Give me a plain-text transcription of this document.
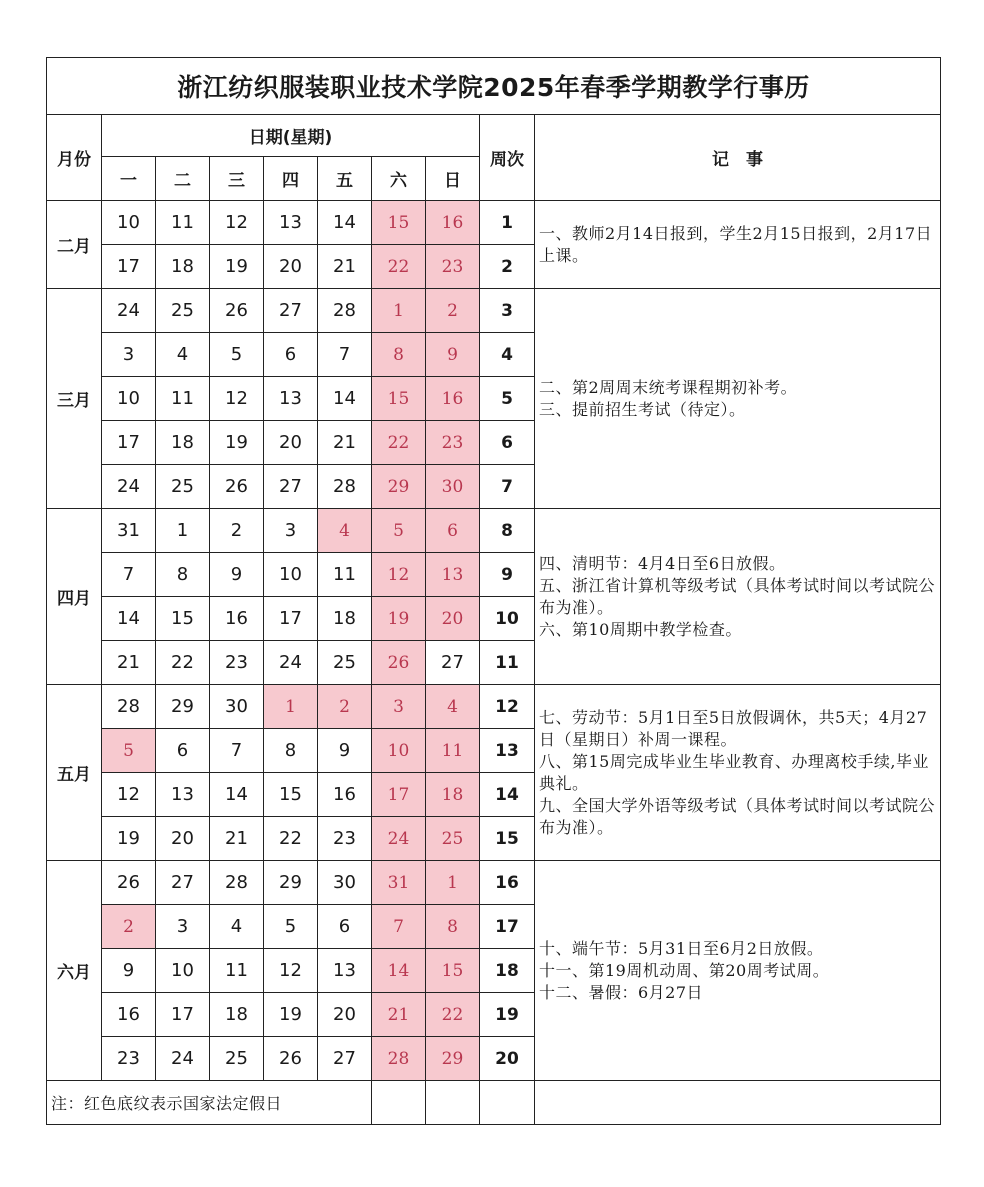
浙江纺织服装职业技术学院2025年春季学期教学行事历									
月份	日期(星期)							周次	记　事
	一	二	三	四	五	六	日		
二月	10	11	12	13	14	15	16	1	一、教师2月14日报到，学生2月15日报到，2月17日上课。
	17	18	19	20	21	22	23	2	
三月	24	25	26	27	28	1	2	3	二、第2周周末统考课程期初补考。
三、提前招生考试（待定）。
	3	4	5	6	7	8	9	4	
	10	11	12	13	14	15	16	5	
	17	18	19	20	21	22	23	6	
	24	25	26	27	28	29	30	7	
四月	31	1	2	3	4	5	6	8	四、清明节：4月4日至6日放假。
五、浙江省计算机等级考试（具体考试时间以考试院公布为准）。
六、第10周期中教学检查。
	7	8	9	10	11	12	13	9	
	14	15	16	17	18	19	20	10	
	21	22	23	24	25	26	27	11	
五月	28	29	30	1	2	3	4	12	七、劳动节：5月1日至5日放假调休，共5天；4月27日（星期日）补周一课程。
八、第15周完成毕业生毕业教育、办理离校手续,毕业典礼。
九、全国大学外语等级考试（具体考试时间以考试院公布为准）。
	5	6	7	8	9	10	11	13	
	12	13	14	15	16	17	18	14	
	19	20	21	22	23	24	25	15	
六月	26	27	28	29	30	31	1	16	十、端午节：5月31日至6月2日放假。
十一、第19周机动周、第20周考试周。
十二、暑假：6月27日
	2	3	4	5	6	7	8	17	
	9	10	11	12	13	14	15	18	
	16	17	18	19	20	21	22	19	
	23	24	25	26	27	28	29	20	
注：红色底纹表示国家法定假日									
